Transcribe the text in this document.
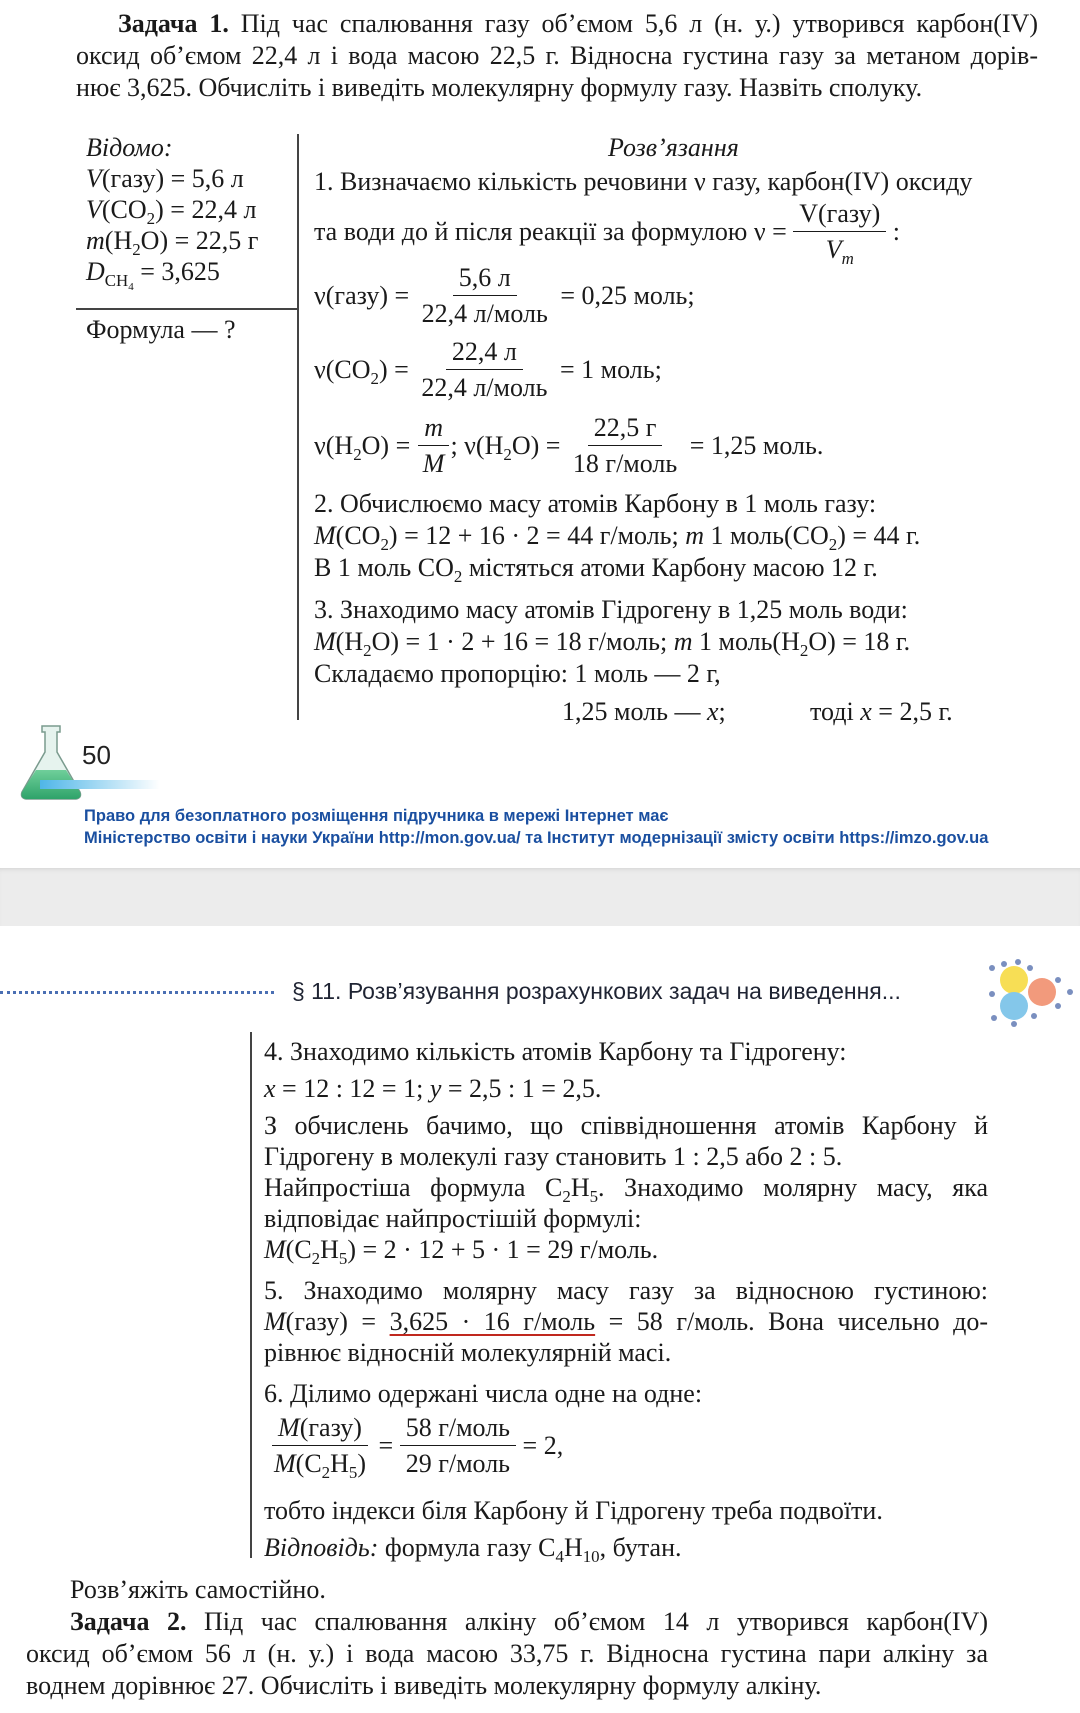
Задача 1. Під час спалювання газу об’ємом 5,6 л (н. у.) утворився карбон(IV)
оксид об’ємом 22,4 л і вода масою 22,5 г. Відносна густина газу за метаном дорів-
нює 3,625. Обчисліть і виведіть молекулярну формулу газу. Назвіть сполуку.
Відомо:
V(газу) = 5,6 л
$V(CO_2) = 22,4$ л
$m(H_2O) = 22,5$ г
$D_{CH_4} = 3,625$
Формула — ?
Розв’язання
1. Визначаємо кількість речовини ν газу, карбон(IV) оксиду
та води до й після реакції за формулою ν =
$\frac{\text{V(газу)}}{V_m}$
:
ν(газу) =
$\frac{5,6 л}{\text{22,4 л/моль}}$
= 0,25 моль;
$\nu(CO_2)$ =
$\frac{22,4 л}{\text{22,4 л/моль}}$
= 1 моль;
$\nu(H_2O)$ =
$\frac{m}{M}$ ; $\nu(H_2O)$ =
$\frac{22,5 г}{\text{18 г/моль}}$
= 1,25 моль.
2. Обчислюємо масу атомів Карбону в 1 моль газу:
$M(CO_2) = 12 + 16 \cdot 2 = 44$ г/моль; m 1 $моль(CO_2) = 44$ г.
В 1 моль $CO_2$ містяться атоми Карбону масою 12 г.
3. Знаходимо масу атомів Гідрогену в 1,25 моль води:
$M(H_2O) = 1 \cdot 2 + 16 = 18$ г/моль; m 1 $моль(H_2O) = 18$ г.
Складаємо пропорцію: 1 моль — 2 г,
1,25 моль — x;	тоді x = 2,5 г.
50
Право для безоплатного розміщення підручника в мережі Інтернет має
Міністерство освіти і науки України http://mon.gov.ua/ та Інститут модернізації змісту освіти https://imzo.gov.ua
§ 11. Розв’язування розрахункових задач на виведення...
4. Знаходимо кількість атомів Карбону та Гідрогену:
x = 12 : 12 = 1; y = 2,5 : 1 = 2,5.
З обчислень бачимо, що співвідношення атомів Карбону й
Гідрогену в молекулі газу становить 1 : 2,5 або 2 : 5.
Найпростіша формула $C_2H_5$. Знаходимо молярну масу, яка
відповідає найпростішій формулі:
$M(C_2H_5) = 2 \cdot 12 + 5 \cdot 1 = 29$ г/моль.
5. Знаходимо молярну масу газу за відносною густиною:
M(газу) = 3,625 · 16 г/моль = 58 г/моль. Вона чисельно до-
рівнює відносній молекулярній масі.
6. Ділимо одержані числа одне на одне:
$\frac{\text{M(газу)}}{M(C_2H_5)}$
=
$\frac{\text{58 г/моль}}{\text{29 г/моль}}$
= 2,
тобто індекси біля Карбону й Гідрогену треба подвоїти.
Відповідь: формула газу $C_4H_{10}$, бутан.
Розв’яжіть самостійно.
Задача 2. Під час спалювання алкіну об’ємом 14 л утворився карбон(IV)
оксид об’ємом 56 л (н. у.) і вода масою 33,75 г. Відносна густина пари алкіну за
воднем дорівнює 27. Обчисліть і виведіть молекулярну формулу алкіну.
